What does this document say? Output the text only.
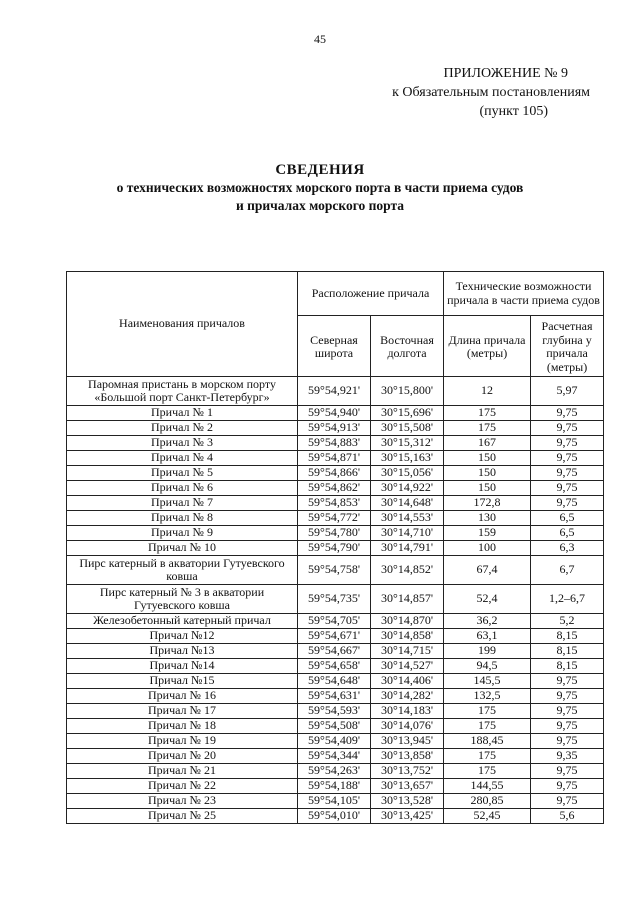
45
ПРИЛОЖЕНИЕ № 9
к Обязательным постановлениям
(пункт 105)
СВЕДЕНИЯ
о технических возможностях морского порта в части приема судов
и причалах морского порта
Наименования причалов	Расположение причала		Технические возможности причала в части приема судов	

	Северная широта	Восточная долгота	Длина причала (метры)	Расчетная глубина у причала (метры)

Паромная пристань в морском порту «Большой порт Санкт-Петербург»	59°54,921'	30°15,800'	12	5,97
Причал № 1	59°54,940'	30°15,696'	175	9,75
Причал № 2	59°54,913'	30°15,508'	175	9,75
Причал № 3	59°54,883'	30°15,312'	167	9,75
Причал № 4	59°54,871'	30°15,163'	150	9,75
Причал № 5	59°54,866'	30°15,056'	150	9,75
Причал № 6	59°54,862'	30°14,922'	150	9,75
Причал № 7	59°54,853'	30°14,648'	172,8	9,75
Причал № 8	59°54,772'	30°14,553'	130	6,5
Причал № 9	59°54,780'	30°14,710'	159	6,5
Причал № 10	59°54,790'	30°14,791'	100	6,3
Пирс катерный в акватории Гутуевского ковша	59°54,758'	30°14,852'	67,4	6,7
Пирс катерный № 3 в акватории Гутуевского ковша	59°54,735'	30°14,857'	52,4	1,2–6,7
Железобетонный катерный причал	59°54,705'	30°14,870'	36,2	5,2
Причал №12	59°54,671'	30°14,858'	63,1	8,15
Причал №13	59°54,667'	30°14,715'	199	8,15
Причал №14	59°54,658'	30°14,527'	94,5	8,15
Причал №15	59°54,648'	30°14,406'	145,5	9,75
Причал № 16	59°54,631'	30°14,282'	132,5	9,75
Причал № 17	59°54,593'	30°14,183'	175	9,75
Причал № 18	59°54,508'	30°14,076'	175	9,75
Причал № 19	59°54,409'	30°13,945'	188,45	9,75
Причал № 20	59°54,344'	30°13,858'	175	9,35
Причал № 21	59°54,263'	30°13,752'	175	9,75
Причал № 22	59°54,188'	30°13,657'	144,55	9,75
Причал № 23	59°54,105'	30°13,528'	280,85	9,75
Причал № 25	59°54,010'	30°13,425'	52,45	5,6
